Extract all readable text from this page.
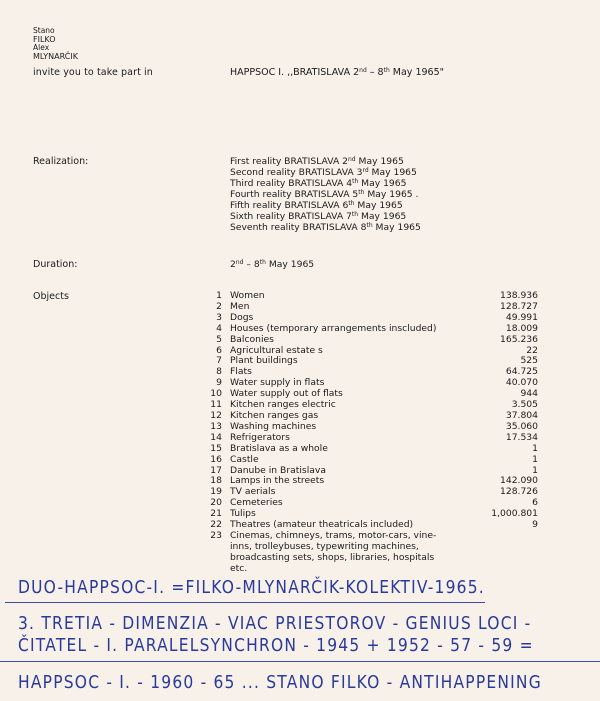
Stano
FILKO
Alex
MLYNARČIK
invite you to take part in	HAPPSOC I. ,,BRATISLAVA 2nd – 8th May 1965"
Realization:	First reality BRATISLAVA 2nd May 1965
Second reality BRATISLAVA 3rd May 1965
Third reality BRATISLAVA 4th May 1965
Fourth reality BRATISLAVA 5th May 1965 .
Fifth reality BRATISLAVA 6th May 1965
Sixth reality BRATISLAVA 7th May 1965
Seventh reality BRATISLAVA 8th May 1965
Duration:	2nd – 8th May 1965
Objects	1 Women	138.936
2 Men	128.727
3 Dogs	49.991
4 Houses (temporary arrangements inscluded)	18.009
5 Balconies	165.236
6 Agricultural estate s	22
7 Plant buildings	525
8 Flats	64.725
9 Water supply in flats	40.070
10 Water supply out of flats	944
11 Kitchen ranges electric	3.505
12 Kitchen ranges gas	37.804
13 Washing machines	35.060
14 Refrigerators	17.534
15 Bratislava as a whole	1
16 Castle	1
17 Danube in Bratislava	1
18 Lamps in the streets	142.090
19 TV aerials	128.726
20 Cemeteries	6
21 Tulips	1,000.801
22 Theatres (amateur theatricals included)	9
23 Cinemas, chimneys, trams, motor-cars, vine-inns, trolleybuses, typewriting machines, broadcasting sets, shops, libraries, hospitals etc.
DUO-HAPPSOC-I. =FILKO-MLYNARČIK-KOLEKTIV-1965.
3. TRETIA - DIMENZIA - VIAC PRIESTOROV - GENIUS LOCI -
ČITATEL - I. PARALELSYNCHRON - 1945 + 1952 - 57 - 59 =
HAPPSOC - I. - 1960 - 65 ... STANO FILKO - ANTIHAPPENING
